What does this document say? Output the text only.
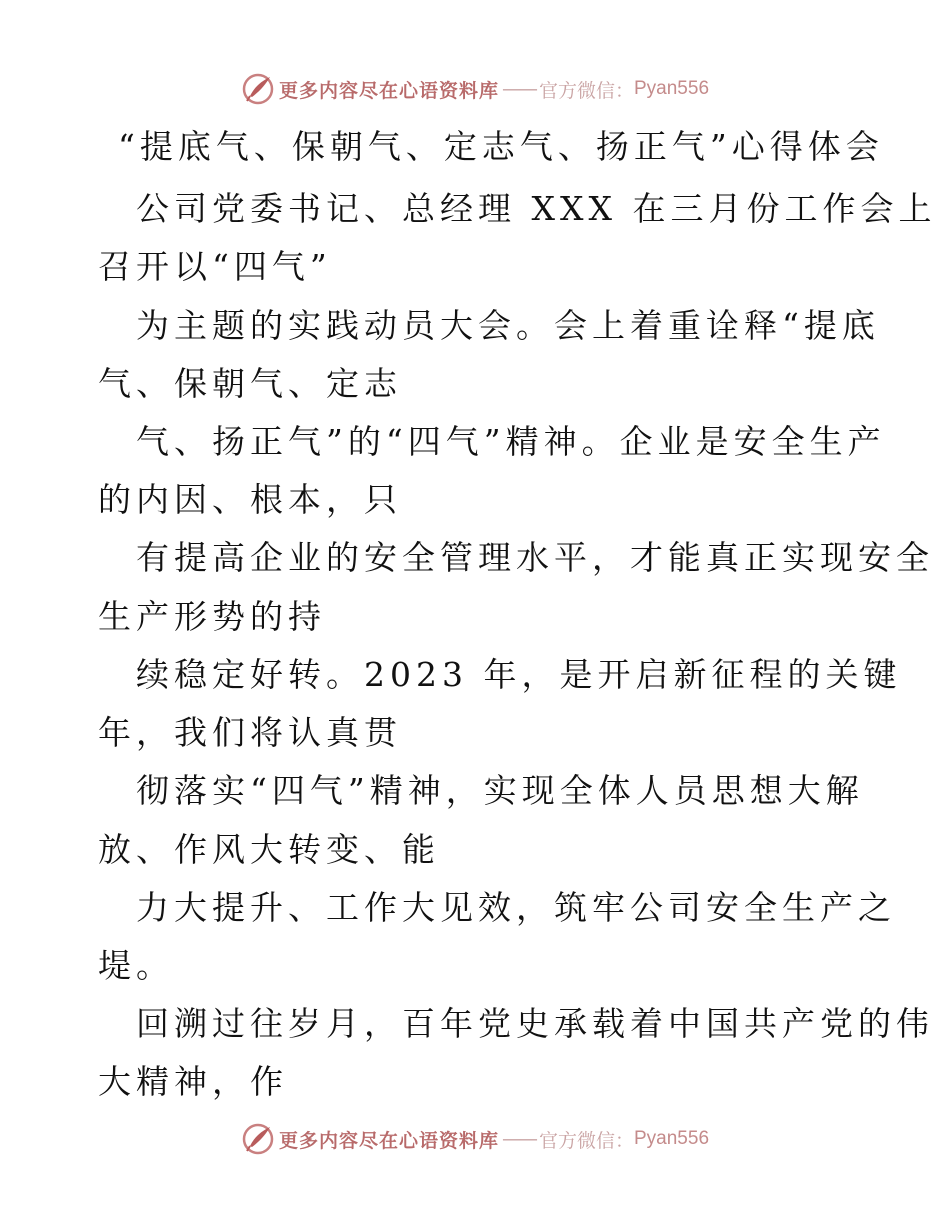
更多内容尽在心语资料库 —— 官方微信： Pyan556
“提底气、保朝气、定志气、扬正气”心得体会
公司党委书记、总经理 XXX 在三月份工作会上
召开以“四气”
为主题的实践动员大会。会上着重诠释“提底
气、保朝气、定志
气、扬正气”的“四气”精神。企业是安全生产
的内因、根本，只
有提高企业的安全管理水平，才能真正实现安全
生产形势的持
续稳定好转。2023 年，是开启新征程的关键
年，我们将认真贯
彻落实“四气”精神，实现全体人员思想大解
放、作风大转变、能
力大提升、工作大见效，筑牢公司安全生产之
堤。
回溯过往岁月，百年党史承载着中国共产党的伟
大精神，作
更多内容尽在心语资料库 —— 官方微信： Pyan556
